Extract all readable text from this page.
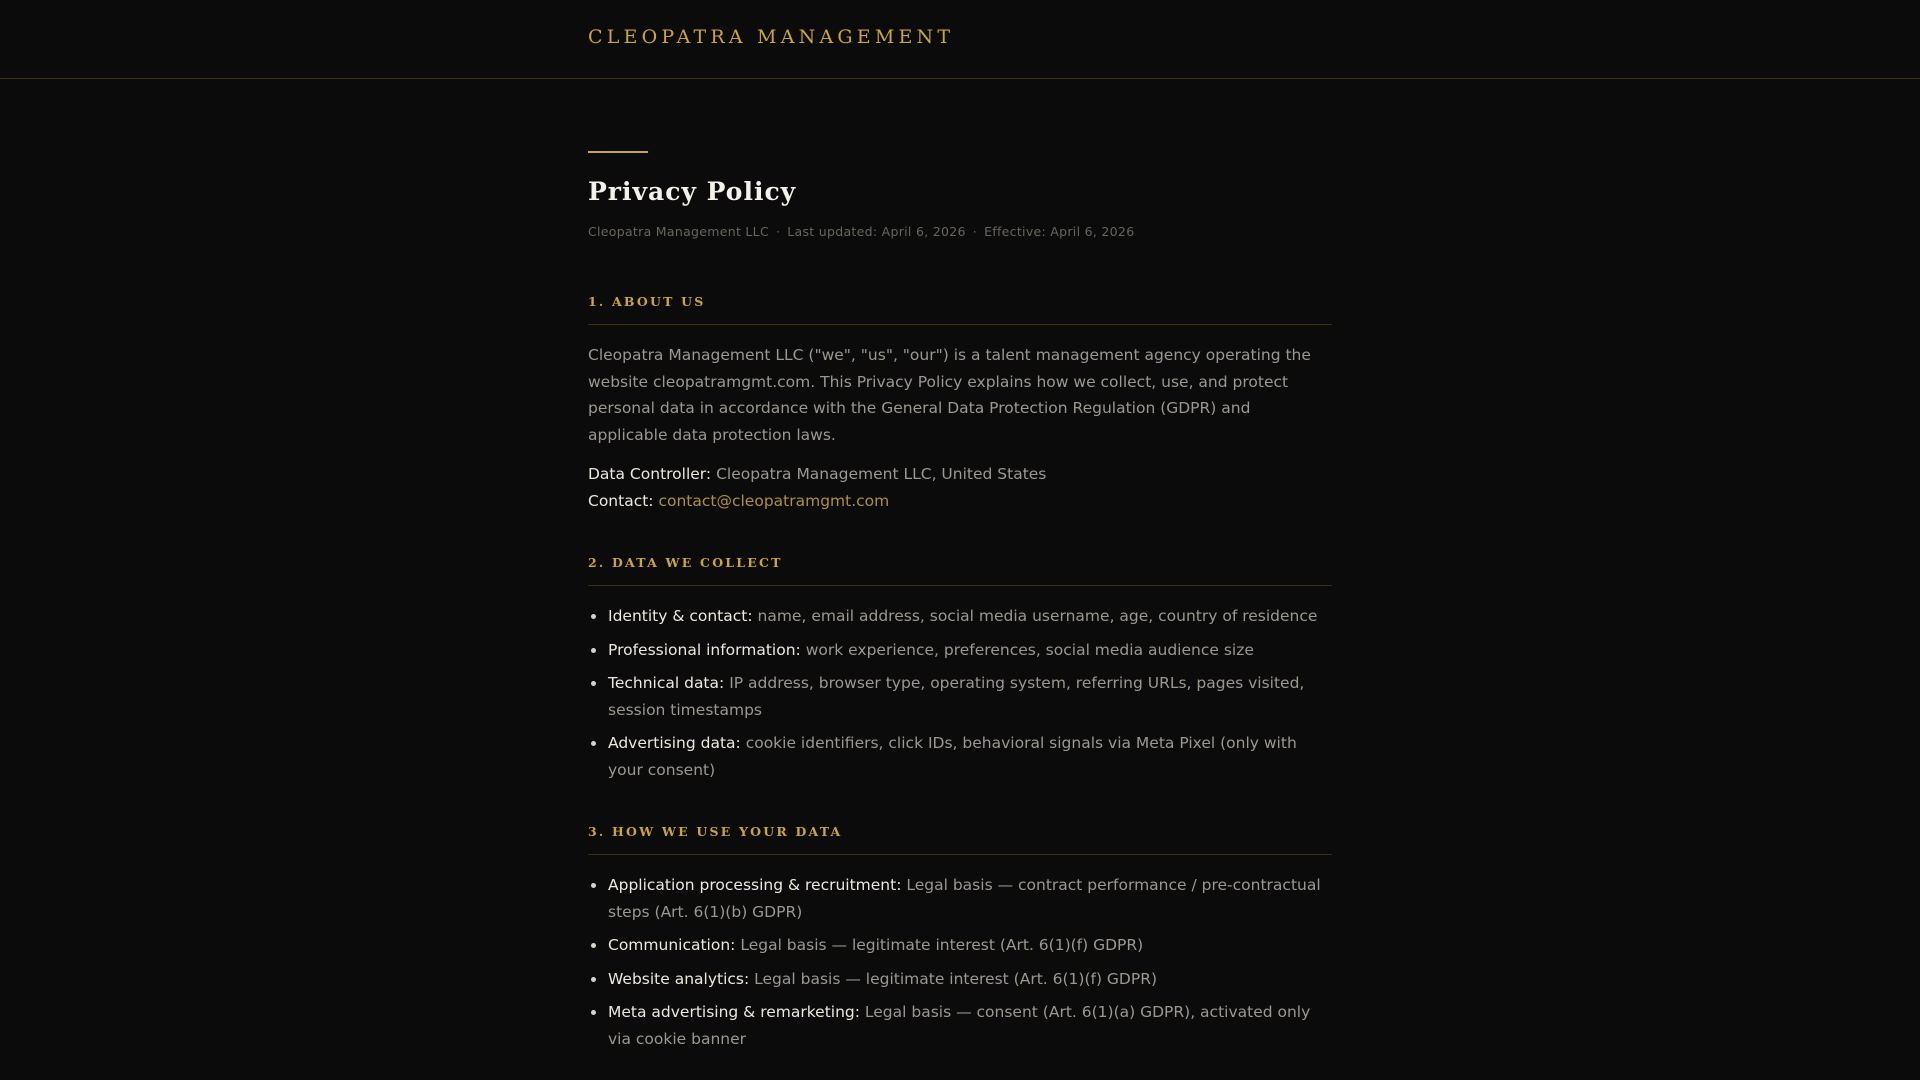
CLEOPATRA MANAGEMENT
Privacy Policy
Cleopatra Management LLC · Last updated: April 6, 2026 · Effective: April 6, 2026
1. ABOUT US

Cleopatra Management LLC ("we", "us", "our") is a talent management agency operating the website cleopatramgmt.com. This Privacy Policy explains how we collect, use, and protect personal data in accordance with the General Data Protection Regulation (GDPR) and applicable data protection laws.

Data Controller: Cleopatra Management LLC, United States
Contact: contact@cleopatramgmt.com
2. DATA WE COLLECT
Identity & contact: name, email address, social media username, age, country of residence
Professional information: work experience, preferences, social media audience size
Technical data: IP address, browser type, operating system, referring URLs, pages visited, session timestamps
Advertising data: cookie identifiers, click IDs, behavioral signals via Meta Pixel (only with your consent)
3. HOW WE USE YOUR DATA
Application processing & recruitment: Legal basis — contract performance / pre-contractual steps (Art. 6(1)(b) GDPR)
Communication: Legal basis — legitimate interest (Art. 6(1)(f) GDPR)
Website analytics: Legal basis — legitimate interest (Art. 6(1)(f) GDPR)
Meta advertising & remarketing: Legal basis — consent (Art. 6(1)(a) GDPR), activated only via cookie banner
